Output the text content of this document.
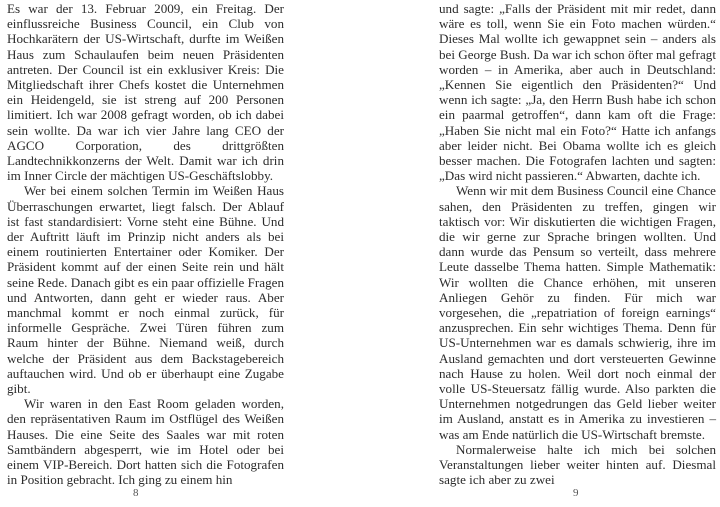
Es war der 13. Februar 2009, ein Freitag. Der einflussreiche Business Council, ein Club von Hochkarätern der US-Wirtschaft, durfte im Weißen Haus zum Schaulaufen beim neuen Präsidenten antreten. Der Council ist ein exklusiver Kreis: Die Mitgliedschaft ihrer Chefs kostet die Unternehmen ein Heidengeld, sie ist streng auf 200 Personen limitiert. Ich war 2008 gefragt worden, ob ich dabei sein wollte. Da war ich vier Jahre lang CEO der AGCO Corporation, des drittgrößten Landtechnikkonzerns der Welt. Damit war ich drin im Inner Circle der mächtigen US-Geschäftslobby.

Wer bei einem solchen Termin im Weißen Haus Überraschungen erwartet, liegt falsch. Der Ablauf ist fast standardisiert: Vorne steht eine Bühne. Und der Auftritt läuft im Prinzip nicht anders als bei einem routinierten Entertainer oder Komiker. Der Präsident kommt auf der einen Seite rein und hält seine Rede. Danach gibt es ein paar offizielle Fragen und Antworten, dann geht er wieder raus. Aber manchmal kommt er noch einmal zurück, für informelle Gespräche. Zwei Türen führen zum Raum hinter der Bühne. Niemand weiß, durch welche der Präsident aus dem Backstagebereich auftauchen wird. Und ob er überhaupt eine Zugabe gibt.

Wir waren in den East Room geladen worden, den repräsentativen Raum im Ostflügel des Weißen Hauses. Die eine Seite des Saales war mit roten Samtbändern abgesperrt, wie im Hotel oder bei einem VIP-Bereich. Dort hatten sich die Fotografen in Position gebracht. Ich ging zu einem hin

8

und sagte: „Falls der Präsident mit mir redet, dann wäre es toll, wenn Sie ein Foto machen würden.“ Dieses Mal wollte ich gewappnet sein – anders als bei George Bush. Da war ich schon öfter mal gefragt worden – in Amerika, aber auch in Deutschland: „Kennen Sie eigentlich den Präsidenten?“ Und wenn ich sagte: „Ja, den Herrn Bush habe ich schon ein paarmal getroffen“, dann kam oft die Frage: „Haben Sie nicht mal ein Foto?“ Hatte ich anfangs aber leider nicht. Bei Obama wollte ich es gleich besser machen. Die Fotografen lachten und sagten: „Das wird nicht passieren.“ Abwarten, dachte ich.

Wenn wir mit dem Business Council eine Chance sahen, den Präsidenten zu treffen, gingen wir taktisch vor: Wir diskutierten die wichtigen Fragen, die wir gerne zur Sprache bringen wollten. Und dann wurde das Pensum so verteilt, dass mehrere Leute dasselbe Thema hatten. Simple Mathematik: Wir wollten die Chance erhöhen, mit unseren Anliegen Gehör zu finden. Für mich war vorgesehen, die „repatriation of foreign earnings“ anzusprechen. Ein sehr wichtiges Thema. Denn für US-Unternehmen war es damals schwierig, ihre im Ausland gemachten und dort versteuerten Gewinne nach Hause zu holen. Weil dort noch einmal der volle US-Steuersatz fällig wurde. Also parkten die Unternehmen notgedrungen das Geld lieber weiter im Ausland, anstatt es in Amerika zu investieren – was am Ende natürlich die US-Wirtschaft bremste.

Normalerweise halte ich mich bei solchen Veranstaltungen lieber weiter hinten auf. Diesmal sagte ich aber zu zwei

9
